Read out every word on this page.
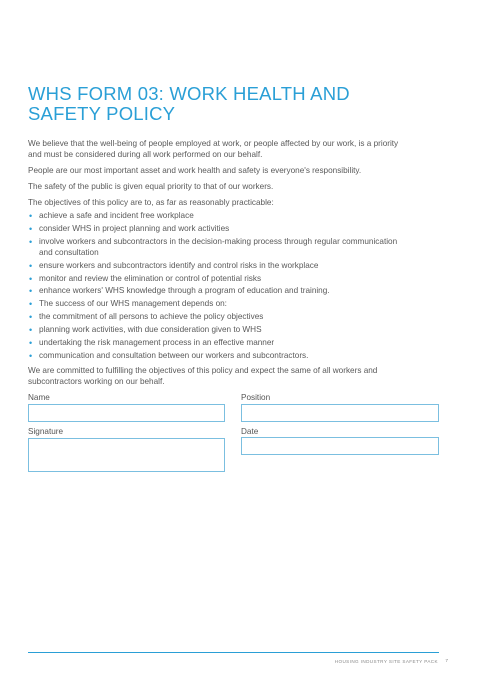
WHS FORM 03: WORK HEALTH AND SAFETY POLICY

We believe that the well-being of people employed at work, or people affected by our work, is a priority and must be considered during all work performed on our behalf.

People are our most important asset and work health and safety is everyone's responsibility.

The safety of the public is given equal priority to that of our workers.

The objectives of this policy are to, as far as reasonably practicable:

• achieve a safe and incident free workplace
• consider WHS in project planning and work activities
• involve workers and subcontractors in the decision-making process through regular communication and consultation
• ensure workers and subcontractors identify and control risks in the workplace
• monitor and review the elimination or control of potential risks
• enhance workers' WHS knowledge through a program of education and training.
• The success of our WHS management depends on:
• the commitment of all persons to achieve the policy objectives
• planning work activities, with due consideration given to WHS
• undertaking the risk management process in an effective manner
• communication and consultation between our workers and subcontractors.

We are committed to fulfilling the objectives of this policy and expect the same of all workers and subcontractors working on our behalf.

Name	Position
Signature	Date
HOUSING INDUSTRY SITE SAFETY PACK 7
